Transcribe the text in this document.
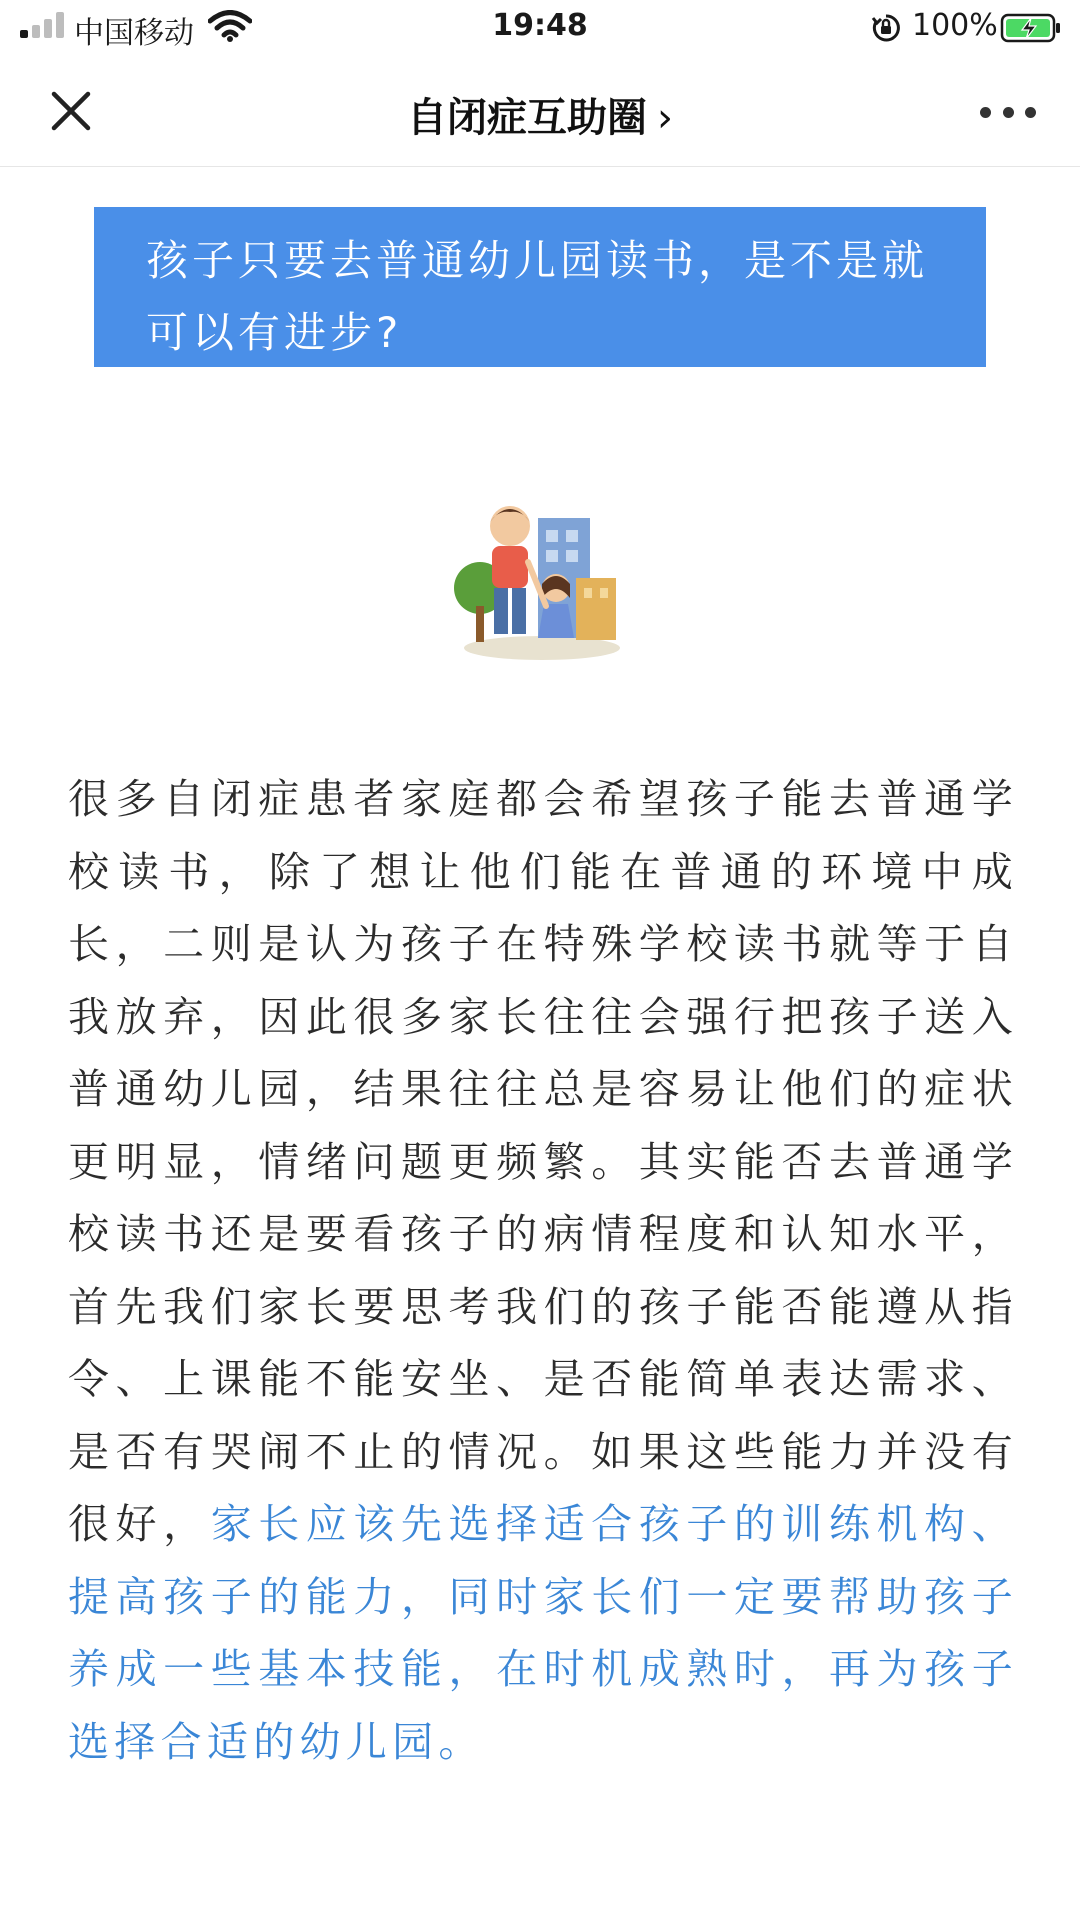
中国移动	19:48	100%
自闭症互助圈 ›
孩子只要去普通幼儿园读书，是不是就可以有进步?
很多自闭症患者家庭都会希望孩子能去普通学校读书，除了想让他们能在普通的环境中成长，二则是认为孩子在特殊学校读书就等于自我放弃，因此很多家长往往会强行把孩子送入普通幼儿园，结果往往总是容易让他们的症状更明显，情绪问题更频繁。其实能否去普通学校读书还是要看孩子的病情程度和认知水平，首先我们家长要思考我们的孩子能否能遵从指令、上课能不能安坐、是否能简单表达需求、是否有哭闹不止的情况。如果这些能力并没有很好，家长应该先选择适合孩子的训练机构、提高孩子的能力，同时家长们一定要帮助孩子养成一些基本技能，在时机成熟时，再为孩子选择合适的幼儿园。
